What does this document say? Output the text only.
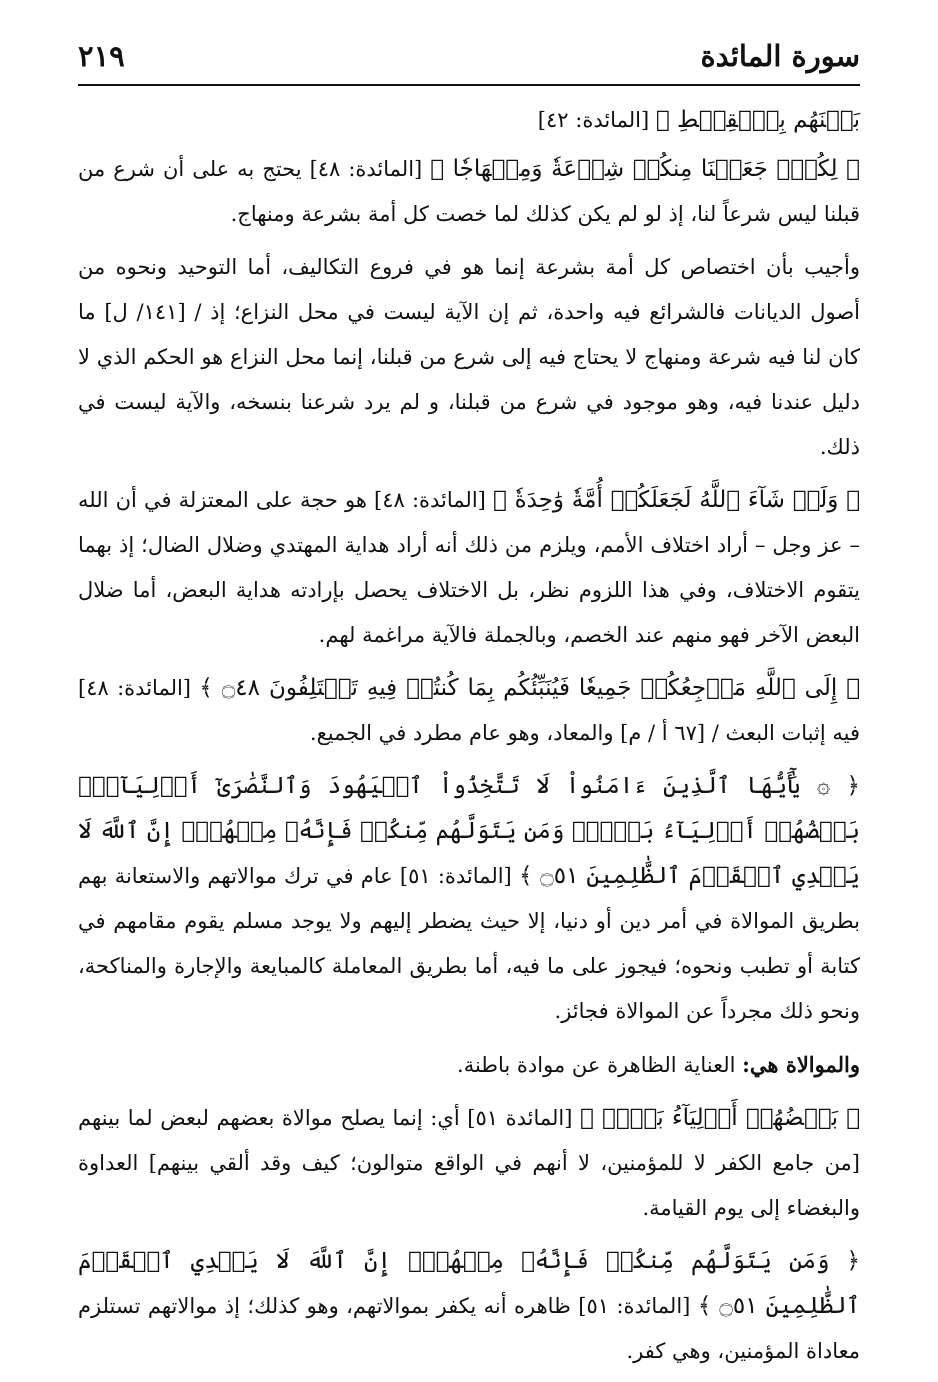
سورة المائدة
٢١٩

بَيۡنَهُم بِٱلۡقِسۡطِ ﴾ [المائدة: ٤٢]

﴿ لِكُلّٖ جَعَلۡنَا مِنكُمۡ شِرۡعَةٗ وَمِنۡهَاجٗا ﴾ [المائدة: ٤٨] يحتج به على أن شرع من قبلنا ليس شرعاً لنا، إذ لو لم يكن كذلك لما خصت كل أمة بشرعة ومنهاج.

وأجيب بأن اختصاص كل أمة بشرعة إنما هو في فروع التكاليف، أما التوحيد ونحوه من أصول الديانات فالشرائع فيه واحدة، ثم إن الآية ليست في محل النزاع؛ إذ / [١٤١/ ل] ما كان لنا فيه شرعة ومنهاج لا يحتاج فيه إلى شرع من قبلنا، إنما محل النزاع هو الحكم الذي لا دليل عندنا فيه، وهو موجود في شرع من قبلنا، و لم يرد شرعنا بنسخه، والآية ليست في ذلك.

﴿ وَلَوۡ شَآءَ ٱللَّهُ لَجَعَلَكُمۡ أُمَّةٗ وَٰحِدَةٗ ﴾ [المائدة: ٤٨] هو حجة على المعتزلة في أن الله – عز وجل – أراد اختلاف الأمم، ويلزم من ذلك أنه أراد هداية المهتدي وضلال الضال؛ إذ بهما يتقوم الاختلاف، وفي هذا اللزوم نظر، بل الاختلاف يحصل بإرادته هداية البعض، أما ضلال البعض الآخر فهو منهم عند الخصم، وبالجملة فالآية مراغمة لهم.

﴿ إِلَى ٱللَّهِ مَرۡجِعُكُمۡ جَمِيعٗا فَيُنَبِّئُكُم بِمَا كُنتُمۡ فِيهِ تَخۡتَلِفُونَ ۝٤٨ ﴾ [المائدة: ٤٨] فيه إثبات البعث / [٦٧ أ / م] والمعاد، وهو عام مطرد في الجميع.

﴿ ۞ يَٰٓأَيُّهَا ٱلَّذِينَ ءَامَنُواْ لَا تَتَّخِذُواْ ٱلۡيَهُودَ وَٱلنَّصَٰرَىٰٓ أَوۡلِيَآءَۘ بَعۡضُهُمۡ أَوۡلِيَآءُ بَعۡضٖۚ وَمَن يَتَوَلَّهُم مِّنكُمۡ فَإِنَّهُۥ مِنۡهُمۡۗ إِنَّ ٱللَّهَ لَا يَهۡدِي ٱلۡقَوۡمَ ٱلظَّٰلِمِينَ ۝٥١ ﴾ [المائدة: ٥١] عام في ترك موالاتهم والاستعانة بهم بطريق الموالاة في أمر دين أو دنيا، إلا حيث يضطر إليهم ولا يوجد مسلم يقوم مقامهم في كتابة أو تطبب ونحوه؛ فيجوز على ما فيه، أما بطريق المعاملة كالمبايعة والإجارة والمناكحة، ونحو ذلك مجرداً عن الموالاة فجائز.

والموالاة هي: العناية الظاهرة عن موادة باطنة.

﴿ بَعۡضُهُمۡ أَوۡلِيَآءُ بَعۡضٖ ﴾ [المائدة ٥١] أي: إنما يصلح موالاة بعضهم لبعض لما بينهم [من جامع الكفر لا للمؤمنين، لا أنهم في الواقع متوالون؛ كيف وقد ألقي بينهم] العداوة والبغضاء إلى يوم القيامة.

﴿ وَمَن يَتَوَلَّهُم مِّنكُمۡ فَإِنَّهُۥ مِنۡهُمۡۗ إِنَّ ٱللَّهَ لَا يَهۡدِي ٱلۡقَوۡمَ ٱلظَّٰلِمِينَ ۝٥١ ﴾ [المائدة: ٥١] ظاهره أنه يكفر بموالاتهم، وهو كذلك؛ إذ موالاتهم تستلزم معاداة المؤمنين، وهي كفر.
